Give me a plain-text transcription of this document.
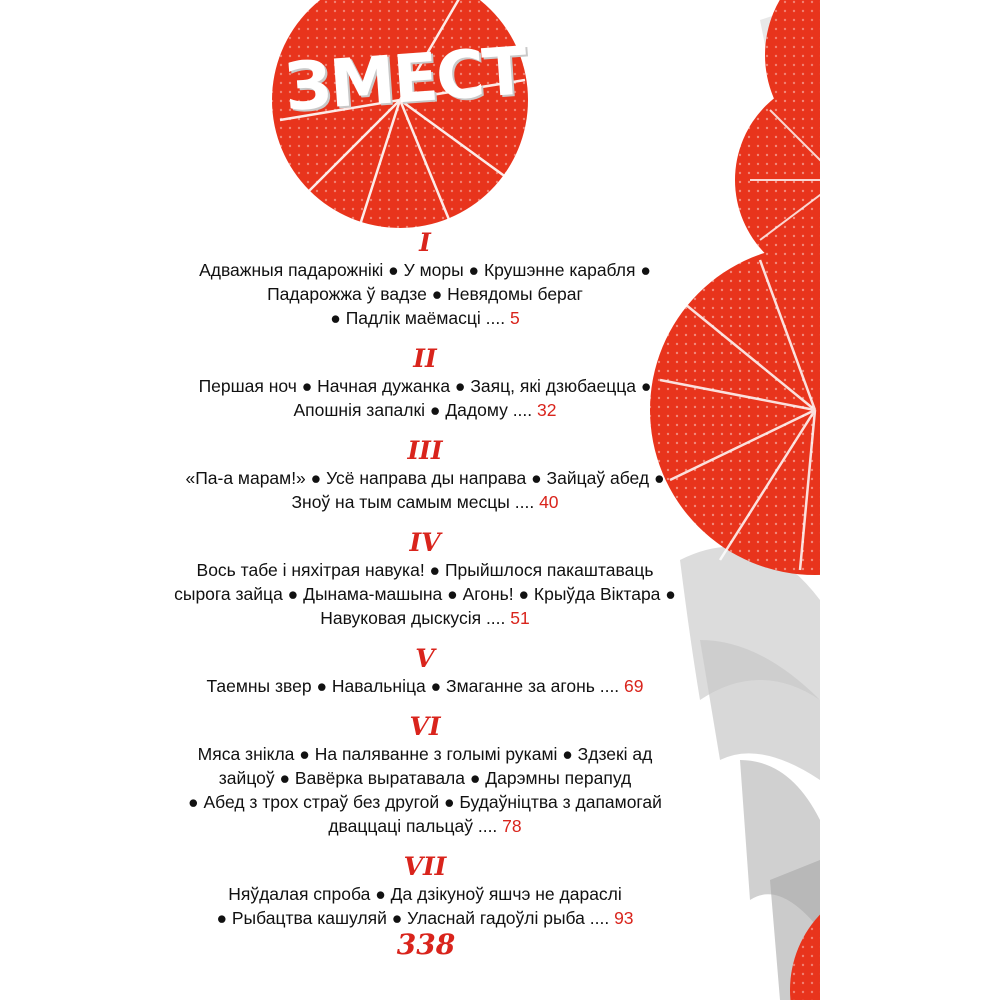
ЗМЕСТ
I
Адважныя падарожнікі ● У моры ● Крушэнне карабля ●
Падарожжа ў вадзе ● Невядомы бераг
● Падлік маёмасці .... 5
II
Першая ноч ● Начная дужанка ● Заяц, які дзюбаецца ●
Апошнія запалкі ● Дадому .... 32
III
«Па-а марам!» ● Усё направа ды направа ● Зайцаў абед ●
Зноў на тым самым месцы .... 40
IV
Вось табе і няхітрая навука! ● Прыйшлося пакаштаваць
сырога зайца ● Дынама-машына ● Агонь! ● Крыўда Віктара ●
Навуковая дыскусія .... 51
V
Таемны звер ● Навальніца ● Змаганне за агонь .... 69
VI
Мяса знікла ● На паляванне з голымі рукамі ● Здзекі ад
зайцоў ● Вавёрка выратавала ● Дарэмны перапуд
● Абед з трох страў без другой ● Будаўніцтва з дапамогай
дваццаці пальцаў .... 78
VII
Няўдалая спроба ● Да дзікуноў яшчэ не дараслі
● Рыбацтва кашуляй ● Уласнай гадоўлі рыба .... 93
338
